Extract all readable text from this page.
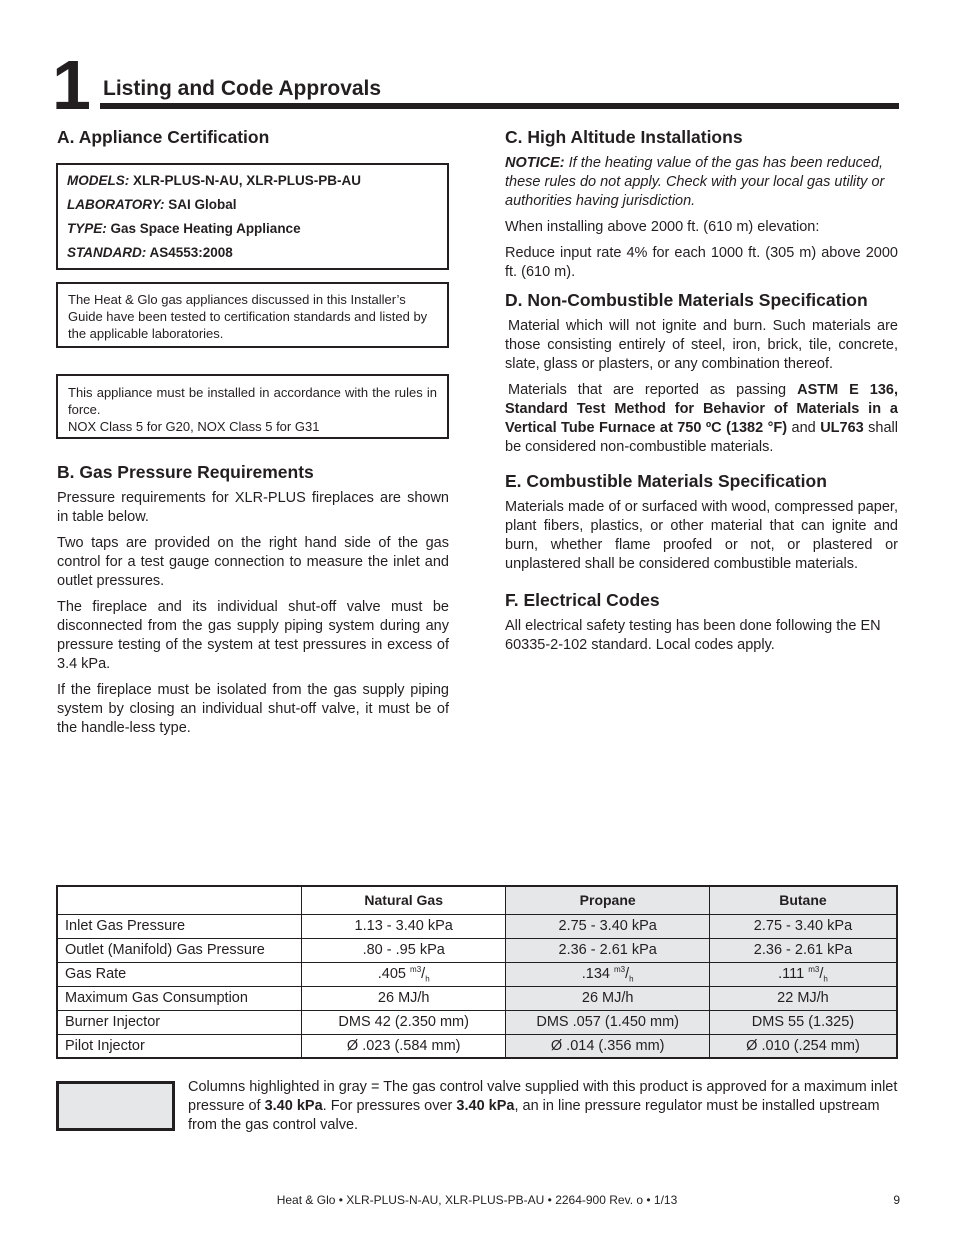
1 Listing and Code Approvals
A. Appliance Certification
MODELS: XLR-PLUS-N-AU, XLR-PLUS-PB-AU
LABORATORY: SAI Global
TYPE: Gas Space Heating Appliance
STANDARD: AS4553:2008

The Heat & Glo gas appliances discussed in this Installer’s Guide have been tested to certification standards and listed by the applicable laboratories.

This appliance must be installed in accordance with the rules in force.

NOX Class 5 for G20, NOX Class 5 for G31

B. Gas Pressure Requirements

Pressure requirements for XLR-PLUS fireplaces are shown in table below.

Two taps are provided on the right hand side of the gas control for a test gauge connection to measure the inlet and outlet pressures.

The fireplace and its individual shut-off valve must be disconnected from the gas supply piping system during any pressure testing of the system at test pressures in excess of 3.4 kPa.

If the fireplace must be isolated from the gas supply piping system by closing an individual shut-off valve, it must be of the handle-less type.

C. High Altitude Installations

NOTICE: If the heating value of the gas has been reduced, these rules do not apply. Check with your local gas utility or authorities having jurisdiction.

When installing above 2000 ft. (610 m) elevation:

Reduce input rate 4% for each 1000 ft. (305 m) above 2000 ft. (610 m).

D. Non-Combustible Materials Specification

Material which will not ignite and burn. Such materials are those consisting entirely of steel, iron, brick, tile, concrete, slate, glass or plasters, or any combination thereof.

Materials that are reported as passing ASTM E 136, Standard Test Method for Behavior of Materials in a Vertical Tube Furnace at 750 ºC (1382 °F) and UL763 shall be considered non-combustible materials.

E. Combustible Materials Specification

Materials made of or surfaced with wood, compressed paper, plant fibers, plastics, or other material that can ignite and burn, whether flame proofed or not, or plastered or unplastered shall be considered combustible materials.

F. Electrical Codes

All electrical safety testing has been done following the EN 60335-2-102 standard. Local codes apply.

	Natural Gas	Propane	Butane
Inlet Gas Pressure	1.13 - 3.40 kPa	2.75 - 3.40 kPa	2.75 - 3.40 kPa
Outlet (Manifold) Gas Pressure	.80 - .95 kPa	2.36 - 2.61 kPa	2.36 - 2.61 kPa
Gas Rate	.405 $^{m3}/_h$	.134 $^{m3}/_h$	.111 $^{m3}/_h$
Maximum Gas Consumption	26 MJ/h	26 MJ/h	22 MJ/h
Burner Injector	DMS 42 (2.350 mm)	DMS .057 (1.450 mm)	DMS 55 (1.325)
Pilot Injector	Ø .023 (.584 mm)	Ø .014 (.356 mm)	Ø .010 (.254 mm)
Columns highlighted in gray = The gas control valve supplied with this product is approved for a maximum inlet pressure of 3.40 kPa. For pressures over 3.40 kPa, an in line pressure regulator must be installed upstream from the gas control valve.
Heat & Glo • XLR-PLUS-N-AU, XLR-PLUS-PB-AU • 2264-900 Rev. o • 1/13	9
